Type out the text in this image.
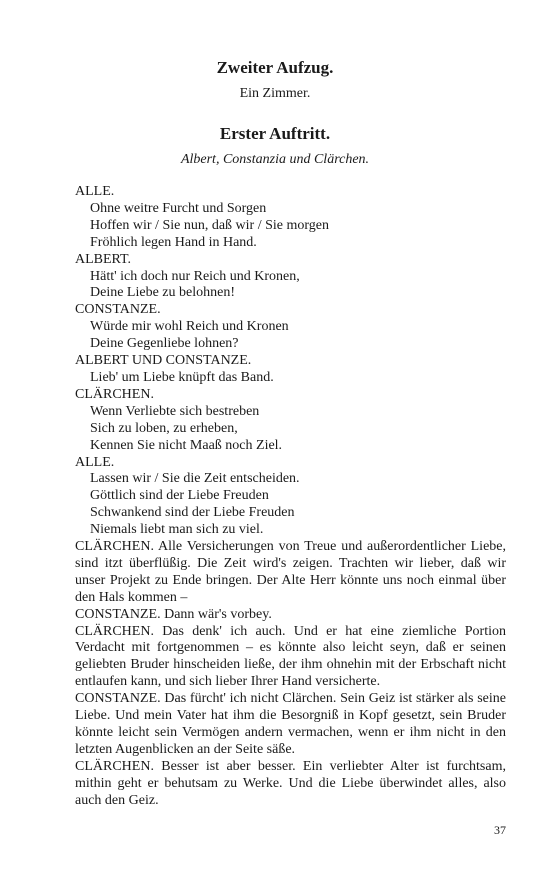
Zweiter Aufzug.
Ein Zimmer.
Erster Auftritt.
Albert, Constanzia und Clärchen.
ALLE.
Ohne weitre Furcht und Sorgen
Hoffen wir / Sie nun, daß wir / Sie morgen
Fröhlich legen Hand in Hand.
ALBERT.
Hätt' ich doch nur Reich und Kronen,
Deine Liebe zu belohnen!
CONSTANZE.
Würde mir wohl Reich und Kronen
Deine Gegenliebe lohnen?
ALBERT UND CONSTANZE.
Lieb' um Liebe knüpft das Band.
CLÄRCHEN.
Wenn Verliebte sich bestreben
Sich zu loben, zu erheben,
Kennen Sie nicht Maaß noch Ziel.
ALLE.
Lassen wir / Sie die Zeit entscheiden.
Göttlich sind der Liebe Freuden
Schwankend sind der Liebe Freuden
Niemals liebt man sich zu viel.
CLÄRCHEN. Alle Versicherungen von Treue und außerordentlicher Liebe, sind itzt überflüßig. Die Zeit wird's zeigen. Trachten wir lieber, daß wir unser Projekt zu Ende bringen. Der Alte Herr könnte uns noch einmal über den Hals kommen –
CONSTANZE. Dann wär's vorbey.
CLÄRCHEN. Das denk' ich auch. Und er hat eine ziemliche Portion Verdacht mit fortgenommen – es könnte also leicht seyn, daß er seinen geliebten Bruder hinscheiden ließe, der ihm ohnehin mit der Erbschaft nicht entlaufen kann, und sich lieber Ihrer Hand versicherte.
CONSTANZE. Das fürcht' ich nicht Clärchen. Sein Geiz ist stärker als seine Liebe. Und mein Vater hat ihm die Besorgniß in Kopf gesetzt, sein Bruder könnte leicht sein Vermögen andern vermachen, wenn er ihm nicht in den letzten Augenblicken an der Seite säße.
CLÄRCHEN. Besser ist aber besser. Ein verliebter Alter ist furchtsam, mithin geht er behutsam zu Werke. Und die Liebe überwindet alles, also auch den Geiz.
37
